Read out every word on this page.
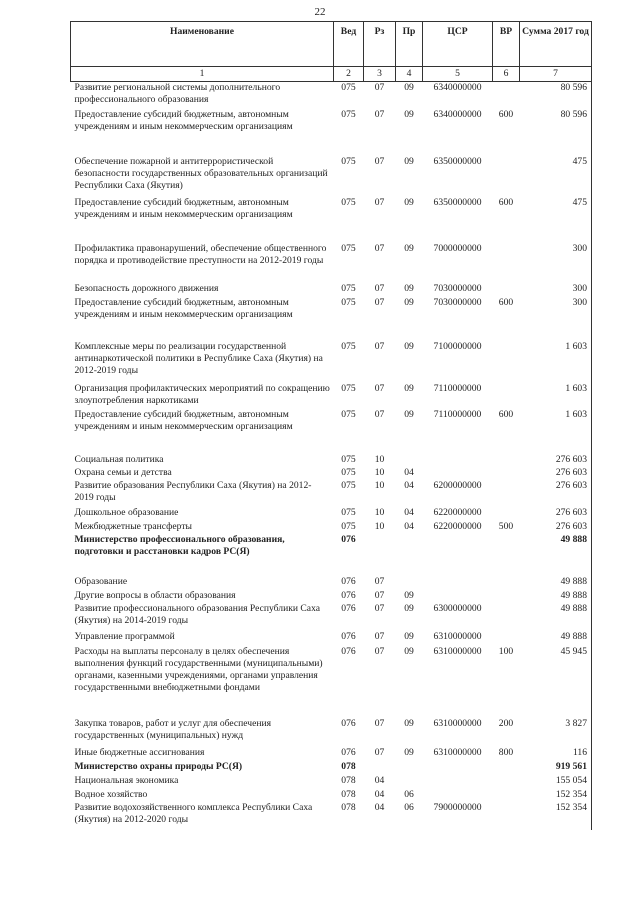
22
Наименование	Вед	Рз	Пр	ЦСР	ВР	Сумма 2017 год
1	2	3	4	5	6	7
Развитие региональной системы дополнительного профессионального образования	075	07	09	6340000000		80 596
Предоставление субсидий бюджетным, автономным учреждениям и иным некоммерческим организациям	075	07	09	6340000000	600	80 596
Обеспечение пожарной и антитеррористической безопасности государственных образовательных организаций Республики Саха (Якутия)	075	07	09	6350000000		475
Предоставление субсидий бюджетным, автономным учреждениям и иным некоммерческим организациям	075	07	09	6350000000	600	475
Профилактика правонарушений, обеспечение общественного порядка и противодействие преступности на 2012-2019 годы	075	07	09	7000000000		300
Безопасность дорожного движения	075	07	09	7030000000		300
Предоставление субсидий бюджетным, автономным учреждениям и иным некоммерческим организациям	075	07	09	7030000000	600	300
Комплексные меры по реализации государственной антинаркотической политики в Республике Саха (Якутия) на 2012-2019 годы	075	07	09	7100000000		1 603
Организация профилактических мероприятий по сокращению злоупотребления наркотиками	075	07	09	7110000000		1 603
Предоставление субсидий бюджетным, автономным учреждениям и иным некоммерческим организациям	075	07	09	7110000000	600	1 603
Социальная политика	075	10				276 603
Охрана семьи и детства	075	10	04			276 603
Развитие образования Республики Саха (Якутия) на 2012-2019 годы	075	10	04	6200000000		276 603
Дошкольное образование	075	10	04	6220000000		276 603
Межбюджетные трансферты	075	10	04	6220000000	500	276 603
Министерство профессионального образования, подготовки и расстановки кадров РС(Я)	076					49 888
Образование	076	07				49 888
Другие вопросы в области образования	076	07	09			49 888
Развитие профессионального образования Республики Саха (Якутия) на 2014-2019 годы	076	07	09	6300000000		49 888
Управление программой	076	07	09	6310000000		49 888
Расходы на выплаты персоналу в целях обеспечения выполнения функций государственными (муниципальными) органами, казенными учреждениями, органами управления государственными внебюджетными фондами	076	07	09	6310000000	100	45 945
Закупка товаров, работ и услуг для обеспечения государственных (муниципальных) нужд	076	07	09	6310000000	200	3 827
Иные бюджетные ассигнования	076	07	09	6310000000	800	116
Министерство охраны природы РС(Я)	078					919 561
Национальная экономика	078	04				155 054
Водное хозяйство	078	04	06			152 354
Развитие водохозяйственного комплекса Республики Саха (Якутия) на 2012-2020 годы	078	04	06	7900000000		152 354
